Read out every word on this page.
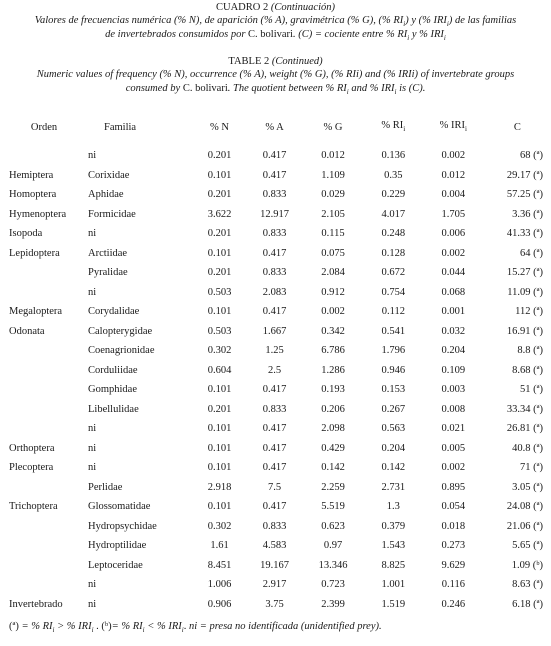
CUADRO 2 (Continuación)
Valores de frecuencias numérica (% N), de aparición (% A), gravimétrica (% G), (% $RI_i$) y (% $IRI_i$) de las familias
de invertebrados consumidos por C. bolivari. (C) = cociente entre % $RI_i$ y % $IRI_i$
TABLE 2 (Continued)
Numeric values of frequency (% N), occurrence (% A), weight (% G), (% RIi) and (% IRIi) of invertebrate groups
consumed by C. bolivari. The quotient between % $RI_i$ and % $IRI_i$ is (C).
Orden	Familia	% N	% A	% G	% $RI_i$	% $IRI_i$	C

	ni	0.201	0.417	0.012	0.136	0.002	68 (ª)
Hemiptera	Corixidae	0.101	0.417	1.109	0.35	0.012	29.17 (ª)
Homoptera	Aphidae	0.201	0.833	0.029	0.229	0.004	57.25 (ª)
Hymenoptera	Formicidae	3.622	12.917	2.105	4.017	1.705	3.36 (ª)
Isopoda	ni	0.201	0.833	0.115	0.248	0.006	41.33 (ª)
Lepidoptera	Arctiidae	0.101	0.417	0.075	0.128	0.002	64 (ª)
	Pyralidae	0.201	0.833	2.084	0.672	0.044	15.27 (ª)
	ni	0.503	2.083	0.912	0.754	0.068	11.09 (ª)
Megaloptera	Corydalidae	0.101	0.417	0.002	0.112	0.001	112 (ª)
Odonata	Calopterygidae	0.503	1.667	0.342	0.541	0.032	16.91 (ª)
	Coenagrionidae	0.302	1.25	6.786	1.796	0.204	8.8 (ª)
	Corduliidae	0.604	2.5	1.286	0.946	0.109	8.68 (ª)
	Gomphidae	0.101	0.417	0.193	0.153	0.003	51 (ª)
	Libellulidae	0.201	0.833	0.206	0.267	0.008	33.34 (ª)
	ni	0.101	0.417	2.098	0.563	0.021	26.81 (ª)
Orthoptera	ni	0.101	0.417	0.429	0.204	0.005	40.8 (ª)
Plecoptera	ni	0.101	0.417	0.142	0.142	0.002	71 (ª)
	Perlidae	2.918	7.5	2.259	2.731	0.895	3.05 (ª)
Trichoptera	Glossomatidae	0.101	0.417	5.519	1.3	0.054	24.08 (ª)
	Hydropsychidae	0.302	0.833	0.623	0.379	0.018	21.06 (ª)
	Hydroptilidae	1.61	4.583	0.97	1.543	0.273	5.65 (ª)
	Leptoceridae	8.451	19.167	13.346	8.825	9.629	1.09 (ᵇ)
	ni	1.006	2.917	0.723	1.001	0.116	8.63 (ª)
Invertebrado	ni	0.906	3.75	2.399	1.519	0.246	6.18 (ª)
(ª) = % $RI_i$ > % $IRI_i$ . (ᵇ)= % $RI_i$ < % $IRI_i$. ni = presa no identificada (unidentified prey).
